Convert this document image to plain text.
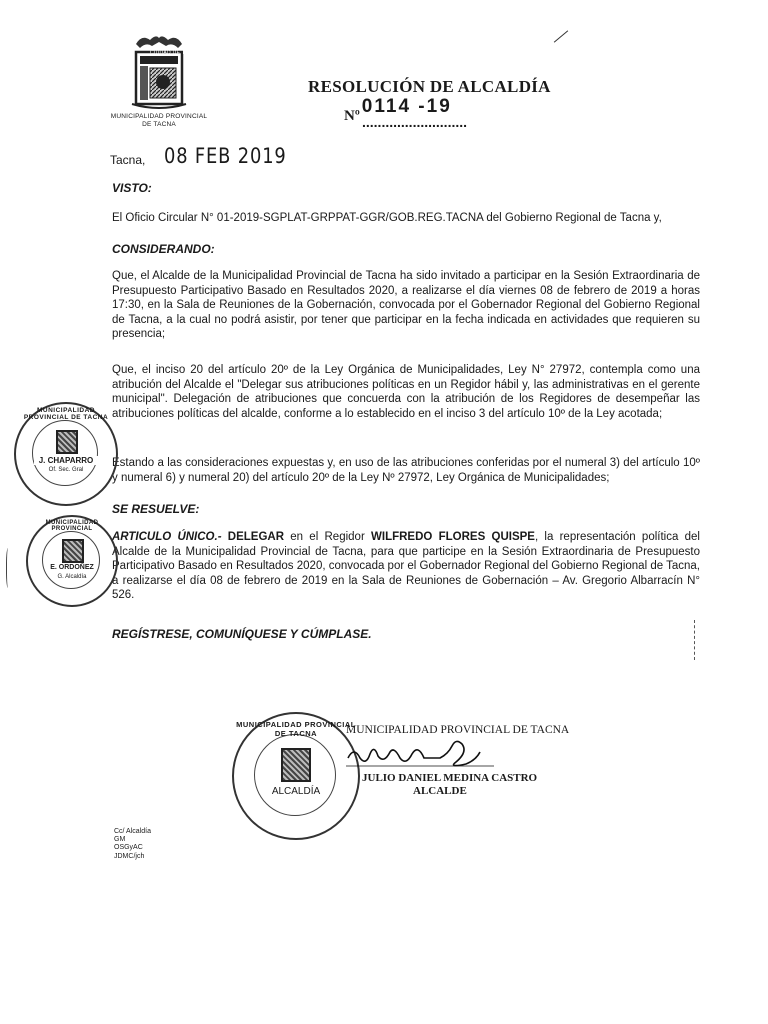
CIUDAD DE TACNA
MUNICIPALIDAD PROVINCIAL
DE TACNA
RESOLUCIÓN DE ALCALDÍA
Nº 0114 -19
...........................
Tacna, 08 FEB 2019
VISTO:
El Oficio Circular N° 01-2019-SGPLAT-GRPPAT-GGR/GOB.REG.TACNA del Gobierno Regional de Tacna y,
CONSIDERANDO:
Que, el Alcalde de la Municipalidad Provincial de Tacna ha sido invitado a participar en la Sesión Extraordinaria de Presupuesto Participativo Basado en Resultados 2020, a realizarse el día viernes 08 de febrero de 2019 a horas 17:30, en la Sala de Reuniones de la Gobernación, convocada por el Gobernador Regional del Gobierno Regional de Tacna, a la cual no podrá asistir, por tener que participar en la fecha indicada en actividades que requieren su presencia;
Que, el inciso 20 del artículo 20º de la Ley Orgánica de Municipalidades, Ley N° 27972, contempla como una atribución del Alcalde el "Delegar sus atribuciones políticas en un Regidor hábil y, las administrativas en el gerente municipal". Delegación de atribuciones que concuerda con la atribución de los Regidores de desempeñar las atribuciones políticas del alcalde, conforme a lo establecido en el inciso 3 del artículo 10º de la Ley acotada;
Estando a las consideraciones expuestas y, en uso de las atribuciones conferidas por el numeral 3) del artículo 10º y numeral 6) y numeral 20) del artículo 20º de la Ley Nº 27972, Ley Orgánica de Municipalidades;
SE RESUELVE:
ARTICULO ÚNICO.- DELEGAR en el Regidor WILFREDO FLORES QUISPE, la representación política del Alcalde de la Municipalidad Provincial de Tacna, para que participe en la Sesión Extraordinaria de Presupuesto Participativo Basado en Resultados 2020, convocada por el Gobernador Regional del Gobierno Regional de Tacna, a realizarse el día 08 de febrero de 2019 en la Sala de Reuniones de Gobernación – Av. Gregorio Albarracín N° 526.
REGÍSTRESE, COMUNÍQUESE Y CÚMPLASE.
MUNICIPALIDAD PROVINCIAL DE TACNA
J. CHAPARRO
Of. Sec. Gral
MUNICIPALIDAD PROVINCIAL
E. ORDOÑEZ
G. Alcaldía
MUNICIPALIDAD PROVINCIAL DE TACNA
ALCALDÍA
MUNICIPALIDAD PROVINCIAL DE TACNA
JULIO DANIEL MEDINA CASTRO
ALCALDE
Cc/ Alcaldía
GM
OSGyAC
JDMC/jch
